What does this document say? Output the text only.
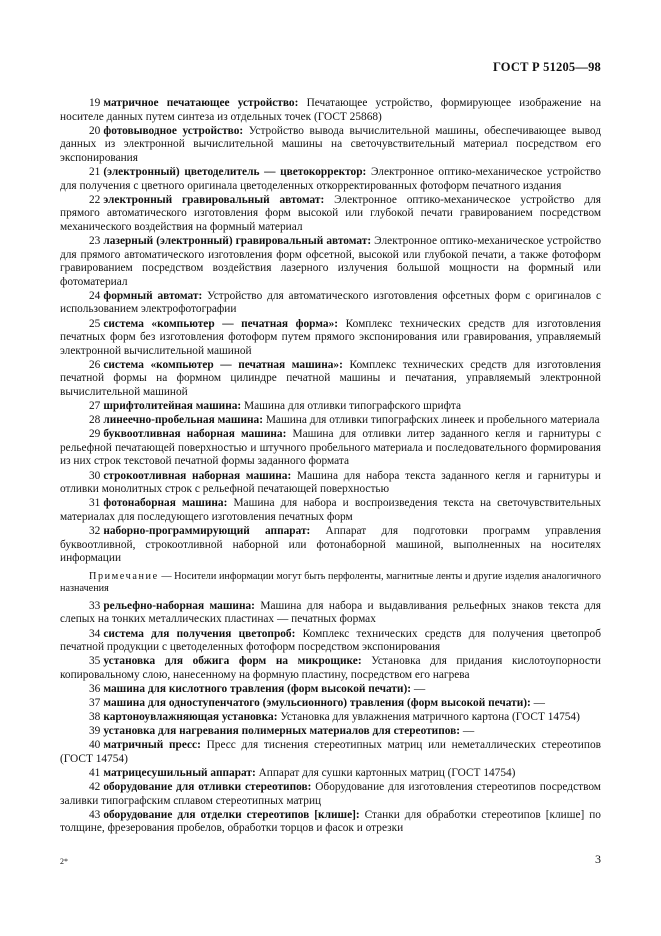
ГОСТ Р 51205—98
19 матричное печатающее устройство: Печатающее устройство, формирующее изображение на носителе данных путем синтеза из отдельных точек (ГОСТ 25868)
20 фотовыводное устройство: Устройство вывода вычислительной машины, обеспечивающее вывод данных из электронной вычислительной машины на светочувствительный материал посредством его экспонирования
21 (электронный) цветоделитель — цветокорректор: Электронное оптико-механическое устройство для получения с цветного оригинала цветоделенных откорректированных фотоформ печатного издания
22 электронный гравировальный автомат: Электронное оптико-механическое устройство для прямого автоматического изготовления форм высокой или глубокой печати гравированием посредством механического воздействия на формный материал
23 лазерный (электронный) гравировальный автомат: Электронное оптико-механическое устройство для прямого автоматического изготовления форм офсетной, высокой или глубокой печати, а также фотоформ гравированием посредством воздействия лазерного излучения большой мощности на формный или фотоматериал
24 формный автомат: Устройство для автоматического изготовления офсетных форм с оригиналов с использованием электрофотографии
25 система «компьютер — печатная форма»: Комплекс технических средств для изготовления печатных форм без изготовления фотоформ путем прямого экспонирования или гравирования, управляемый электронной вычислительной машиной
26 система «компьютер — печатная машина»: Комплекс технических средств для изготовления печатной формы на формном цилиндре печатной машины и печатания, управляемый электронной вычислительной машиной
27 шрифтолитейная машина: Машина для отливки типографского шрифта
28 линеечно-пробельная машина: Машина для отливки типографских линеек и пробельного материала
29 буквоотливная наборная машина: Машина для отливки литер заданного кегля и гарнитуры с рельефной печатающей поверхностью и штучного пробельного материала и последовательного формирования из них строк текстовой печатной формы заданного формата
30 строкоотливная наборная машина: Машина для набора текста заданного кегля и гарнитуры и отливки монолитных строк с рельефной печатающей поверхностью
31 фотонаборная машина: Машина для набора и воспроизведения текста на светочувствительных материалах для последующего изготовления печатных форм
32 наборно-программирующий аппарат: Аппарат для подготовки программ управления буквоотливной, строкоотливной наборной или фотонаборной машиной, выполненных на носителях информации
Примечание — Носители информации могут быть перфоленты, магнитные ленты и другие изделия аналогичного назначения
33 рельефно-наборная машина: Машина для набора и выдавливания рельефных знаков текста для слепых на тонких металлических пластинах — печатных формах
34 система для получения цветопроб: Комплекс технических средств для получения цветопроб печатной продукции с цветоделенных фотоформ посредством экспонирования
35 установка для обжига форм на микрощике: Установка для придания кислотоупорности копировальному слою, нанесенному на формную пластину, посредством его нагрева
36 машина для кислотного травления (форм высокой печати): —
37 машина для одноступенчатого (эмульсионного) травления (форм высокой печати): —
38 картоноувлажняющая установка: Установка для увлажнения матричного картона (ГОСТ 14754)
39 установка для нагревания полимерных материалов для стереотипов: —
40 матричный пресс: Пресс для тиснения стереотипных матриц или неметаллических стереотипов (ГОСТ 14754)
41 матрицесушильный аппарат: Аппарат для сушки картонных матриц (ГОСТ 14754)
42 оборудование для отливки стереотипов: Оборудование для изготовления стереотипов посредством заливки типографским сплавом стереотипных матриц
43 оборудование для отделки стереотипов [клише]: Станки для обработки стереотипов [клише] по толщине, фрезерования пробелов, обработки торцов и фасок и отрезки
2*	3
